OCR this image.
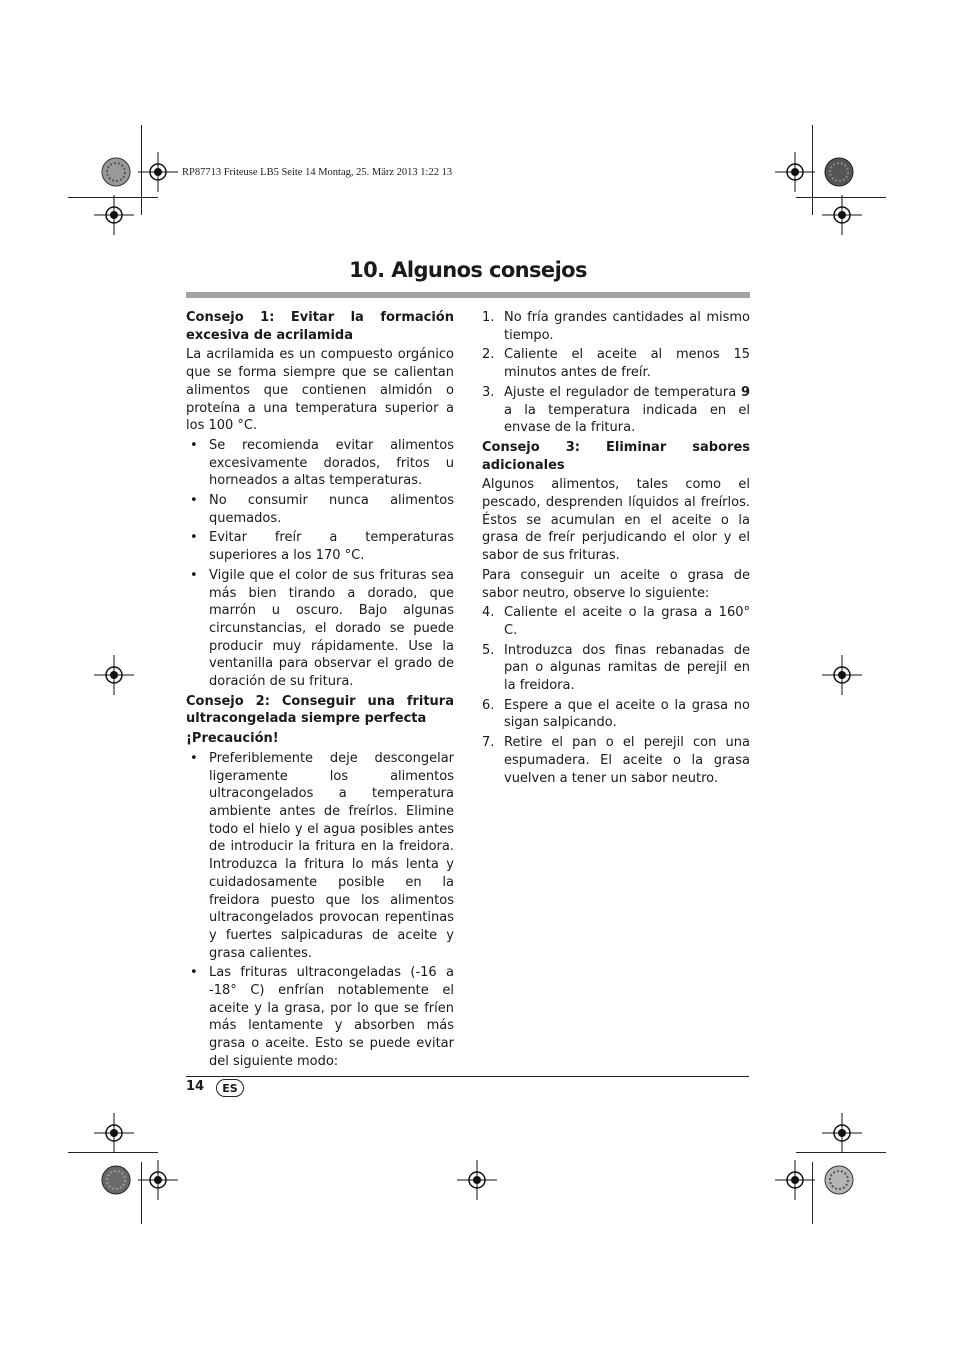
RP87713 Friteuse LB5 Seite 14 Montag, 25. März 2013 1:22 13
10. Algunos consejos
Consejo 1: Evitar la formación excesiva de acrilamida

La acrilamida es un compuesto orgánico que se forma siempre que se calientan alimentos que contienen almidón o proteína a una temperatura superior a los 100 °C.

• Se recomienda evitar alimentos excesivamente dorados, fritos u horneados a altas temperaturas.
• No consumir nunca alimentos quemados.
• Evitar freír a temperaturas superiores a los 170 °C.
• Vigile que el color de sus frituras sea más bien tirando a dorado, que marrón u oscuro. Bajo algunas circunstancias, el dorado se puede producir muy rápidamente. Use la ventanilla para observar el grado de doración de su fritura.
Consejo 2: Conseguir una fritura ultracongelada siempre perfecta
¡Precaución!
• Preferiblemente deje descongelar ligeramente los alimentos ultracongelados a temperatura ambiente antes de freírlos. Elimine todo el hielo y el agua posibles antes de introducir la fritura en la freidora. Introduzca la fritura lo más lenta y cuidadosamente posible en la freidora puesto que los alimentos ultracongelados provocan repentinas y fuertes salpicaduras de aceite y grasa calientes.
• Las frituras ultracongeladas (-16 a -18° C) enfrían notablemente el aceite y la grasa, por lo que se fríen más lentamente y absorben más grasa o aceite. Esto se puede evitar del siguiente modo:
1. No fría grandes cantidades al mismo tiempo.
2. Caliente el aceite al menos 15 minutos antes de freír.
3. Ajuste el regulador de temperatura 9 a la temperatura indicada en el envase de la fritura.
Consejo 3: Eliminar sabores adicionales

Algunos alimentos, tales como el pescado, desprenden líquidos al freírlos. Éstos se acumulan en el aceite o la grasa de freír perjudicando el olor y el sabor de sus frituras.

Para conseguir un aceite o grasa de sabor neutro, observe lo siguiente:

4. Caliente el aceite o la grasa a 160° C.
5. Introduzca dos finas rebanadas de pan o algunas ramitas de perejil en la freidora.
6. Espere a que el aceite o la grasa no sigan salpicando.
7. Retire el pan o el perejil con una espumadera. El aceite o la grasa vuelven a tener un sabor neutro.
14	ES
